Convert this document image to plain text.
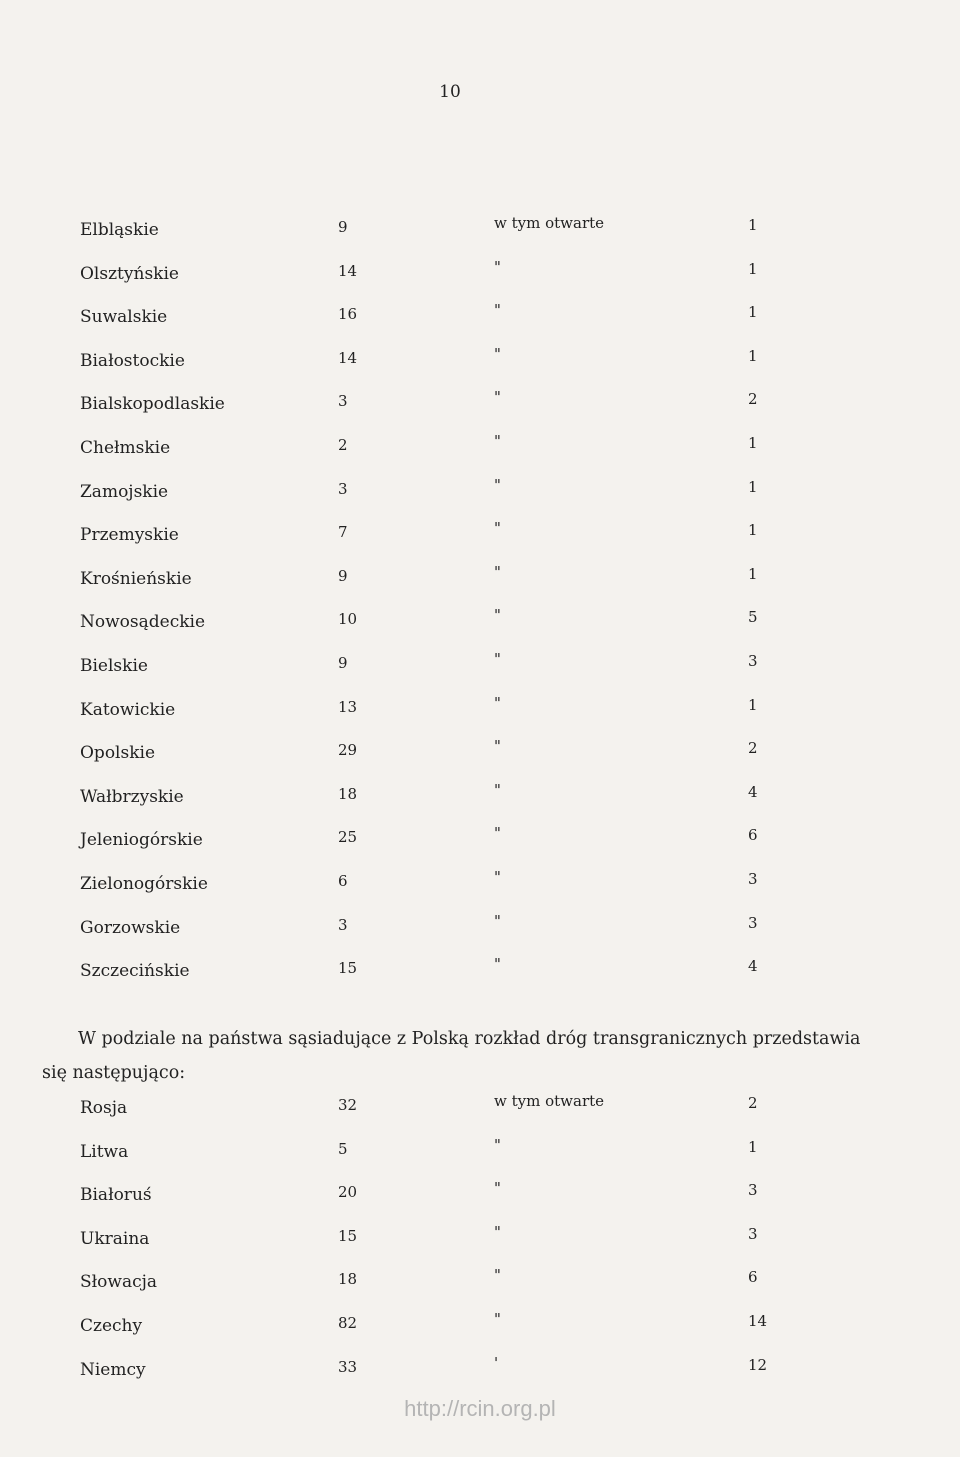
10
Elbląskie	9	w tym otwarte	1
Olsztyńskie	14	"	1
Suwalskie	16	"	1
Białostockie	14	"	1
Bialskopodlaskie	3	"	2
Chełmskie	2	"	1
Zamojskie	3	"	1
Przemyskie	7	"	1
Krośnieńskie	9	"	1
Nowosądeckie	10	"	5
Bielskie	9	"	3
Katowickie	13	"	1
Opolskie	29	"	2
Wałbrzyskie	18	"	4
Jeleniogórskie	25	"	6
Zielonogórskie	6	"	3
Gorzowskie	3	"	3
Szczecińskie	15	"	4
W podziale na państwa sąsiadujące z Polską rozkład dróg transgranicznych przedstawia się następująco:
Rosja	32	w tym otwarte	2
Litwa	5	"	1
Białoruś	20	"	3
Ukraina	15	"	3
Słowacja	18	"	6
Czechy	82	"	14
Niemcy	33	'	12
http://rcin.org.pl
